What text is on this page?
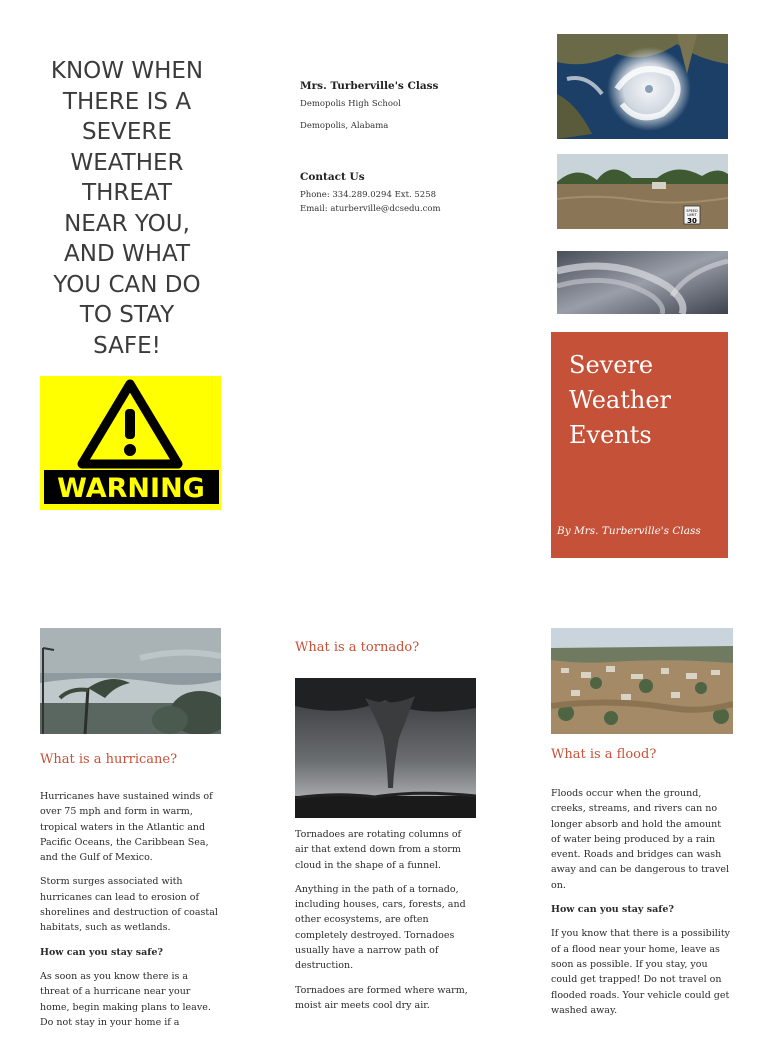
KNOW WHEN
THERE IS A
SEVERE
WEATHER
THREAT
NEAR YOU,
AND WHAT
YOU CAN DO
TO STAY
SAFE!
WARNING
Mrs. Turberville's Class
Demopolis High School
Demopolis, Alabama
Contact Us
Phone: 334.289.0294 Ext. 5258
Email: aturberville@dcsedu.com	SPEED
LIMIT
30
Severe
Weather
Events
By Mrs. Turberville's Class
What is a hurricane?

Hurricanes have sustained winds of over 75 mph and form in warm, tropical waters in the Atlantic and Pacific Oceans, the Caribbean Sea, and the Gulf of Mexico.

Storm surges associated with hurricanes can lead to erosion of shorelines and destruction of coastal habitats, such as wetlands.

How can you stay safe?

As soon as you know there is a threat of a hurricane near your home, begin making plans to leave. Do not stay in your home if a

What is a tornado?

Tornadoes are rotating columns of air that extend down from a storm cloud in the shape of a funnel.

Anything in the path of a tornado, including houses, cars, forests, and other ecosystems, are often completely destroyed. Tornadoes usually have a narrow path of destruction.

Tornadoes are formed where warm, moist air meets cool dry air.

What is a flood?

Floods occur when the ground, creeks, streams, and rivers can no longer absorb and hold the amount of water being produced by a rain event. Roads and bridges can wash away and can be dangerous to travel on.

How can you stay safe?

If you know that there is a possibility of a flood near your home, leave as soon as possible. If you stay, you could get trapped! Do not travel on flooded roads. Your vehicle could get washed away.
